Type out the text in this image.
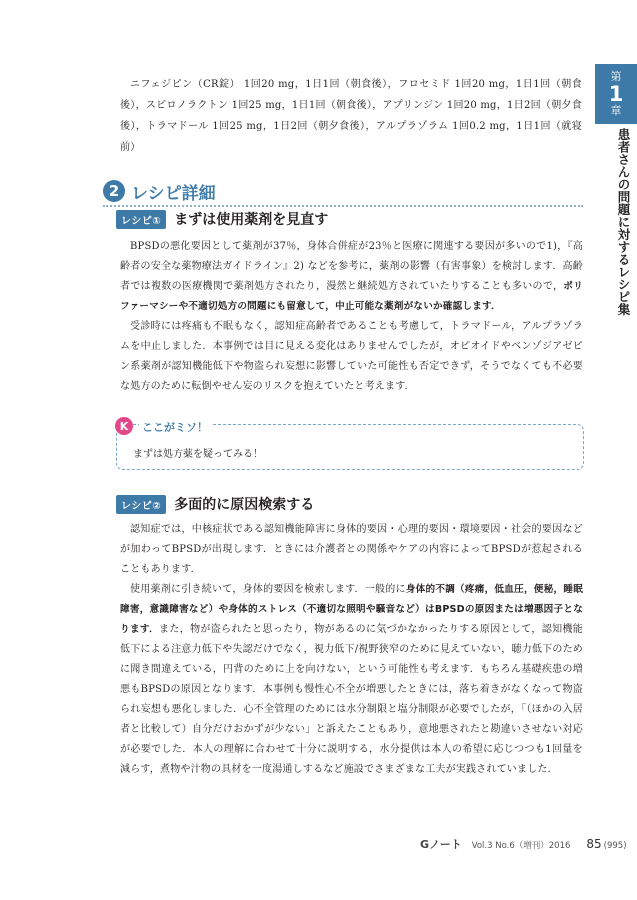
第
1
章
患者さんの問題に対するレシピ集

ニフェジピン（CR錠） 1回20 mg，1日1回（朝食後），フロセミド 1回20 mg，1日1回（朝食後），スピロノラクトン 1回25 mg，1日1回（朝食後），アプリンジン 1回20 mg，1日2回（朝夕食後），トラマドール 1回25 mg，1日2回（朝夕食後），アルプラゾラム 1回0.2 mg，1日1回（就寝前）

2 レシピ詳細
レシピ① まずは使用薬剤を見直す

BPSDの悪化要因として薬剤が37％，身体合併症が23％と医療に関連する要因が多いので1)，『高齢者の安全な薬物療法ガイドライン』2) などを参考に，薬剤の影響（有害事象）を検討します．高齢者では複数の医療機関で薬剤処方されたり，漫然と継続処方されていたりすることも多いので，ポリファーマシーや不適切処方の問題にも留意して，中止可能な薬剤がないか確認します．

受診時には疼痛も不眠もなく，認知症高齢者であることも考慮して，トラマドール，アルプラゾラムを中止しました．本事例では目に見える変化はありませんでしたが，オピオイドやベンゾジアゼピン系薬剤が認知機能低下や物盗られ妄想に影響していた可能性も否定できず，そうでなくても不必要な処方のために転倒やせん妄のリスクを抱えていたと考えます．

K	ここがミソ！
まずは処方薬を疑ってみる！
レシピ② 多面的に原因検索する

認知症では，中核症状である認知機能障害に身体的要因・心理的要因・環境要因・社会的要因などが加わってBPSDが出現します．ときには介護者との関係やケアの内容によってBPSDが惹起されることもあります．

使用薬剤に引き続いて，身体的要因を検索します．一般的に身体的不調（疼痛，低血圧，便秘，睡眠障害，意識障害など）や身体的ストレス（不適切な照明や騒音など）はBPSDの原因または増悪因子となります．また，物が盗られたと思ったり，物があるのに気づかなかったりする原因として，認知機能低下による注意力低下や失認だけでなく，視力低下/視野狭窄のために見えていない，聴力低下のために聞き間違えている，円背のために上を向けない，という可能性も考えます．もちろん基礎疾患の増悪もBPSDの原因となります．本事例も慢性心不全が増悪したときには，落ち着きがなくなって物盗られ妄想も悪化しました．心不全管理のためには水分制限と塩分制限が必要でしたが，「（ほかの入居者と比較して）自分だけおかずが少ない」と訴えたこともあり，意地悪されたと勘違いさせない対応が必要でした．本人の理解に合わせて十分に説明する，水分提供は本人の希望に応じつつも1回量を減らす，煮物や汁物の具材を一度湯通しするなど施設でさまざまな工夫が実践されていました．

Gノート Vol.3 No.6（増刊）2016 85 (995)
